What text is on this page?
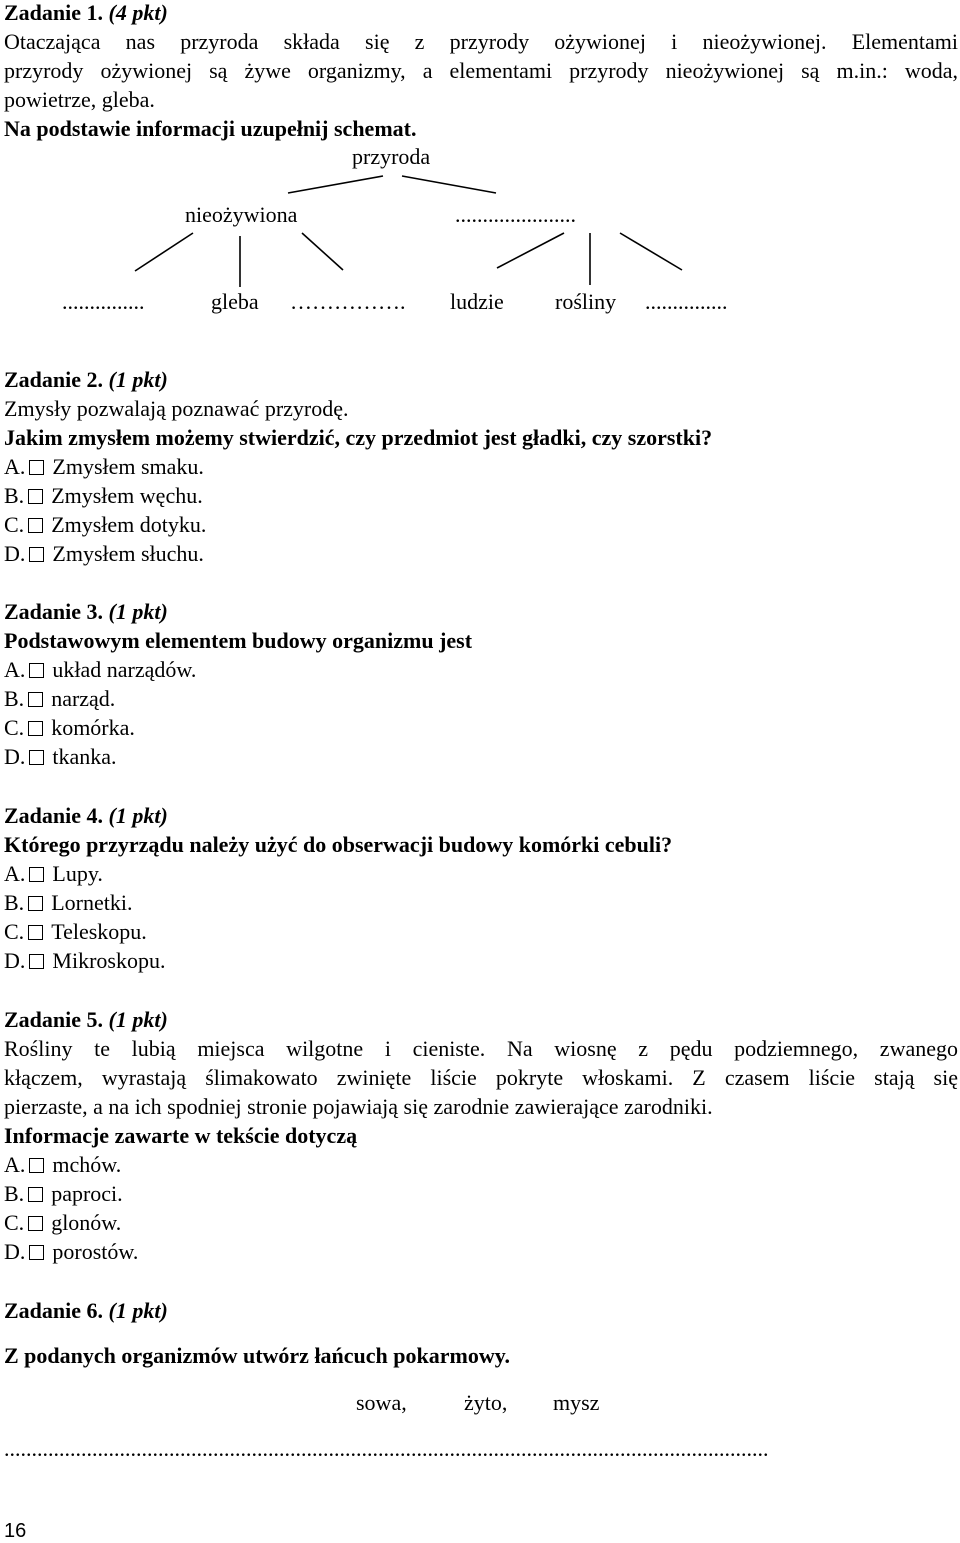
Zadanie 1. (4 pkt)
Otaczająca nas przyroda składa się z przyrody ożywionej i nieożywionej. Elementami
przyrody ożywionej są żywe organizmy, a elementami przyrody nieożywionej są m.in.: woda,
powietrze, gleba.
Na podstawie informacji uzupełnij schemat.
przyroda
nieożywiona	......................
...............	gleba ……………. ludzie rośliny ...............
Zadanie 2. (1 pkt)
Zmysły pozwalają poznawać przyrodę.
Jakim zmysłem możemy stwierdzić, czy przedmiot jest gładki, czy szorstki?
A. Zmysłem smaku.
B. Zmysłem węchu.
C. Zmysłem dotyku.
D. Zmysłem słuchu.
Zadanie 3. (1 pkt)
Podstawowym elementem budowy organizmu jest
A. układ narządów.
B. narząd.
C. komórka.
D. tkanka.
Zadanie 4. (1 pkt)
Którego przyrządu należy użyć do obserwacji budowy komórki cebuli?
A. Lupy.
B. Lornetki.
C. Teleskopu.
D. Mikroskopu.
Zadanie 5. (1 pkt)
Rośliny te lubią miejsca wilgotne i cieniste. Na wiosnę z pędu podziemnego, zwanego
kłączem, wyrastają ślimakowato zwinięte liście pokryte włoskami. Z czasem liście stają się
pierzaste, a na ich spodniej stronie pojawiają się zarodnie zawierające zarodniki.
Informacje zawarte w tekście dotyczą
A. mchów.
B. paproci.
C. glonów.
D. porostów.
Zadanie 6. (1 pkt)
Z podanych organizmów utwórz łańcuch pokarmowy.
sowa,	żyto, mysz
...........................................................................................................................................
16
